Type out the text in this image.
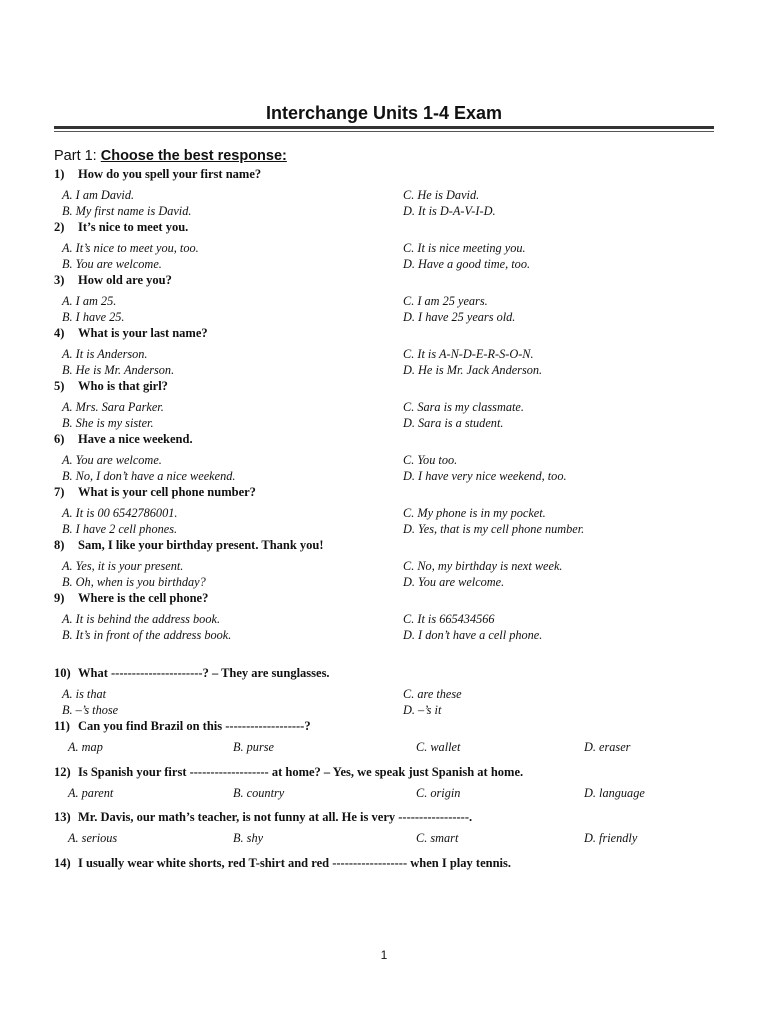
Interchange Units 1-4 Exam
Part 1: Choose the best response:
1)	How do you spell your first name?
A. I am David.	C. He is David.
B. My first name is David.	D. It is D-A-V-I-D.
2)	It’s nice to meet you.
A. It’s nice to meet you, too.	C. It is nice meeting you.
B. You are welcome.	D. Have a good time, too.
3)	How old are you?
A. I am 25.	C. I am 25 years.
B. I have 25.	D. I have 25 years old.
4)	What is your last name?
A. It is Anderson.	C. It is A-N-D-E-R-S-O-N.
B. He is Mr. Anderson.	D. He is Mr. Jack Anderson.
5)	Who is that girl?
A. Mrs. Sara Parker.	C. Sara is my classmate.
B. She is my sister.	D. Sara is a student.
6)	Have a nice weekend.
A. You are welcome.	C. You too.
B. No, I don’t have a nice weekend.	D. I have very nice weekend, too.
7)	What is your cell phone number?
A. It is 00 6542786001.	C. My phone is in my pocket.
B. I have 2 cell phones.	D. Yes, that is my cell phone number.
8)	Sam, I like your birthday present. Thank you!
A. Yes, it is your present.	C. No, my birthday is next week.
B. Oh, when is you birthday?	D. You are welcome.
9)	Where is the cell phone?
A. It is behind the address book.	C. It is 665434566
B. It’s in front of the address book.	D. I don’t have a cell phone.
10) What ----------------------? – They are sunglasses.
A. is that	C. are these
B. –’s those	D. –’s it
11) Can you find Brazil on this -------------------?
A. map	B. purse	C. wallet	D. eraser
12) Is Spanish your first ------------------- at home? – Yes, we speak just Spanish at home.
A. parent	B. country	C. origin	D. language
13) Mr. Davis, our math’s teacher, is not funny at all. He is very -----------------.
A. serious	B. shy	C. smart	D. friendly
14) I usually wear white shorts, red T-shirt and red ------------------ when I play tennis.
1
